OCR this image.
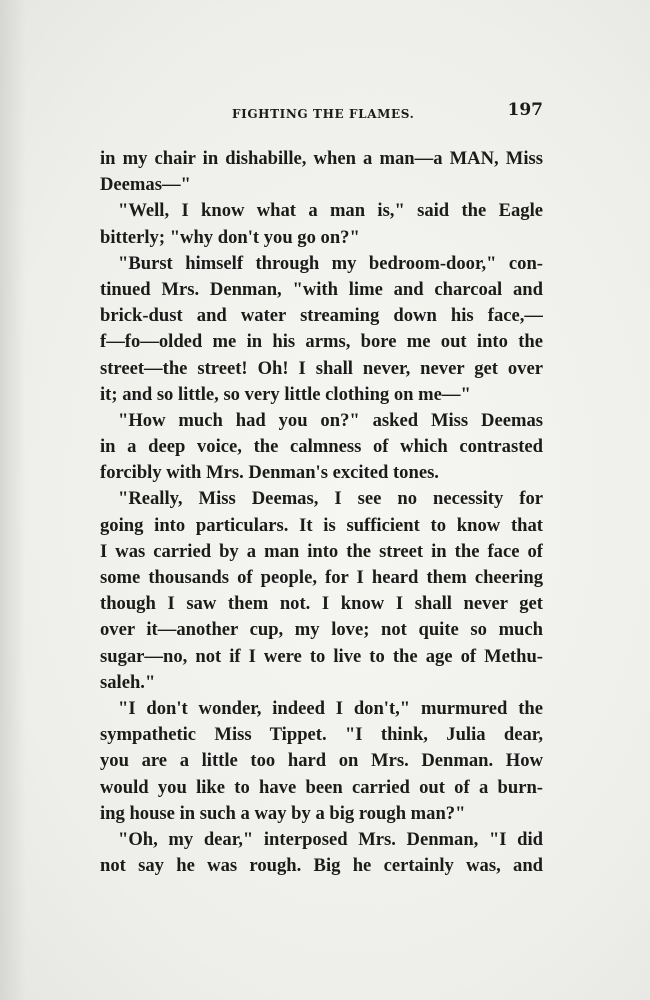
FIGHTING THE FLAMES.	197
in my chair in dishabille, when a man—a MAN, Miss
Deemas—"
"Well, I know what a man is," said the Eagle
bitterly; "why don't you go on?"
"Burst himself through my bedroom-door," con-
tinued Mrs. Denman, "with lime and charcoal and
brick-dust and water streaming down his face,—
f—fo—olded me in his arms, bore me out into the
street—the street! Oh! I shall never, never get over
it; and so little, so very little clothing on me—"
"How much had you on?" asked Miss Deemas
in a deep voice, the calmness of which contrasted
forcibly with Mrs. Denman's excited tones.
"Really, Miss Deemas, I see no necessity for
going into particulars. It is sufficient to know that
I was carried by a man into the street in the face of
some thousands of people, for I heard them cheering
though I saw them not. I know I shall never get
over it—another cup, my love; not quite so much
sugar—no, not if I were to live to the age of Methu-
saleh."
"I don't wonder, indeed I don't," murmured the
sympathetic Miss Tippet. "I think, Julia dear,
you are a little too hard on Mrs. Denman. How
would you like to have been carried out of a burn-
ing house in such a way by a big rough man?"
"Oh, my dear," interposed Mrs. Denman, "I did
not say he was rough. Big he certainly was, and
